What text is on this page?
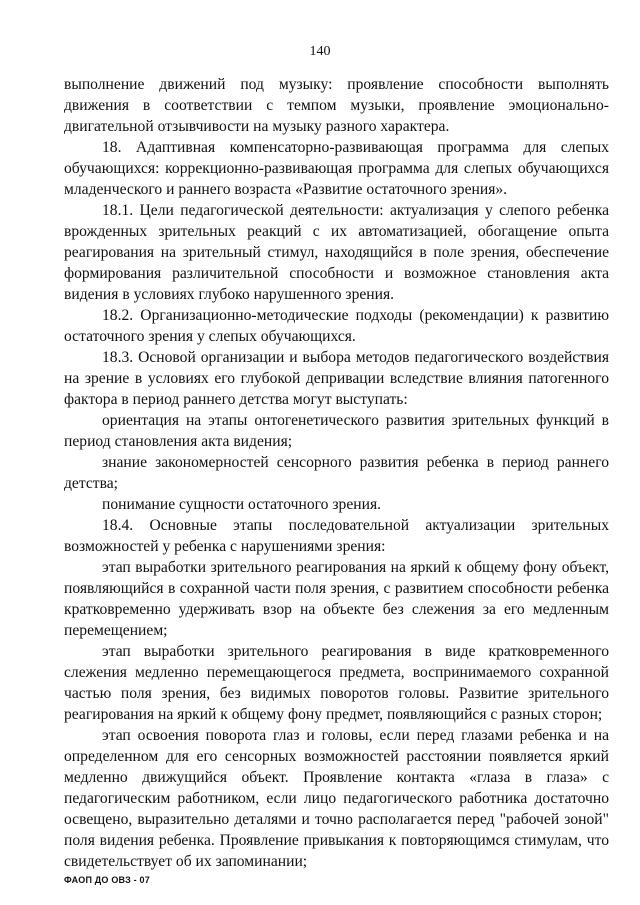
140

выполнение движений под музыку: проявление способности выполнять движения в соответствии с темпом музыки, проявление эмоционально-двигательной отзывчивости на музыку разного характера.

18. Адаптивная компенсаторно-развивающая программа для слепых обучающихся: коррекционно-развивающая программа для слепых обучающихся младенческого и раннего возраста «Развитие остаточного зрения».

18.1. Цели педагогической деятельности: актуализация у слепого ребенка врожденных зрительных реакций с их автоматизацией, обогащение опыта реагирования на зрительный стимул, находящийся в поле зрения, обеспечение формирования различительной способности и возможное становления акта видения в условиях глубоко нарушенного зрения.

18.2. Организационно-методические подходы (рекомендации) к развитию остаточного зрения у слепых обучающихся.

18.3. Основой организации и выбора методов педагогического воздействия на зрение в условиях его глубокой депривации вследствие влияния патогенного фактора в период раннего детства могут выступать:

ориентация на этапы онтогенетического развития зрительных функций в период становления акта видения;

знание закономерностей сенсорного развития ребенка в период раннего детства;

понимание сущности остаточного зрения.

18.4. Основные этапы последовательной актуализации зрительных возможностей у ребенка с нарушениями зрения:

этап выработки зрительного реагирования на яркий к общему фону объект, появляющийся в сохранной части поля зрения, с развитием способности ребенка кратковременно удерживать взор на объекте без слежения за его медленным перемещением;

этап выработки зрительного реагирования в виде кратковременного слежения медленно перемещающегося предмета, воспринимаемого сохранной частью поля зрения, без видимых поворотов головы. Развитие зрительного реагирования на яркий к общему фону предмет, появляющийся с разных сторон;

этап освоения поворота глаз и головы, если перед глазами ребенка и на определенном для его сенсорных возможностей расстоянии появляется яркий медленно движущийся объект. Проявление контакта «глаза в глаза» с педагогическим работником, если лицо педагогического работника достаточно освещено, выразительно деталями и точно располагается перед "рабочей зоной" поля видения ребенка. Проявление привыкания к повторяющимся стимулам, что свидетельствует об их запоминании;

ФАОП ДО ОВЗ - 07
